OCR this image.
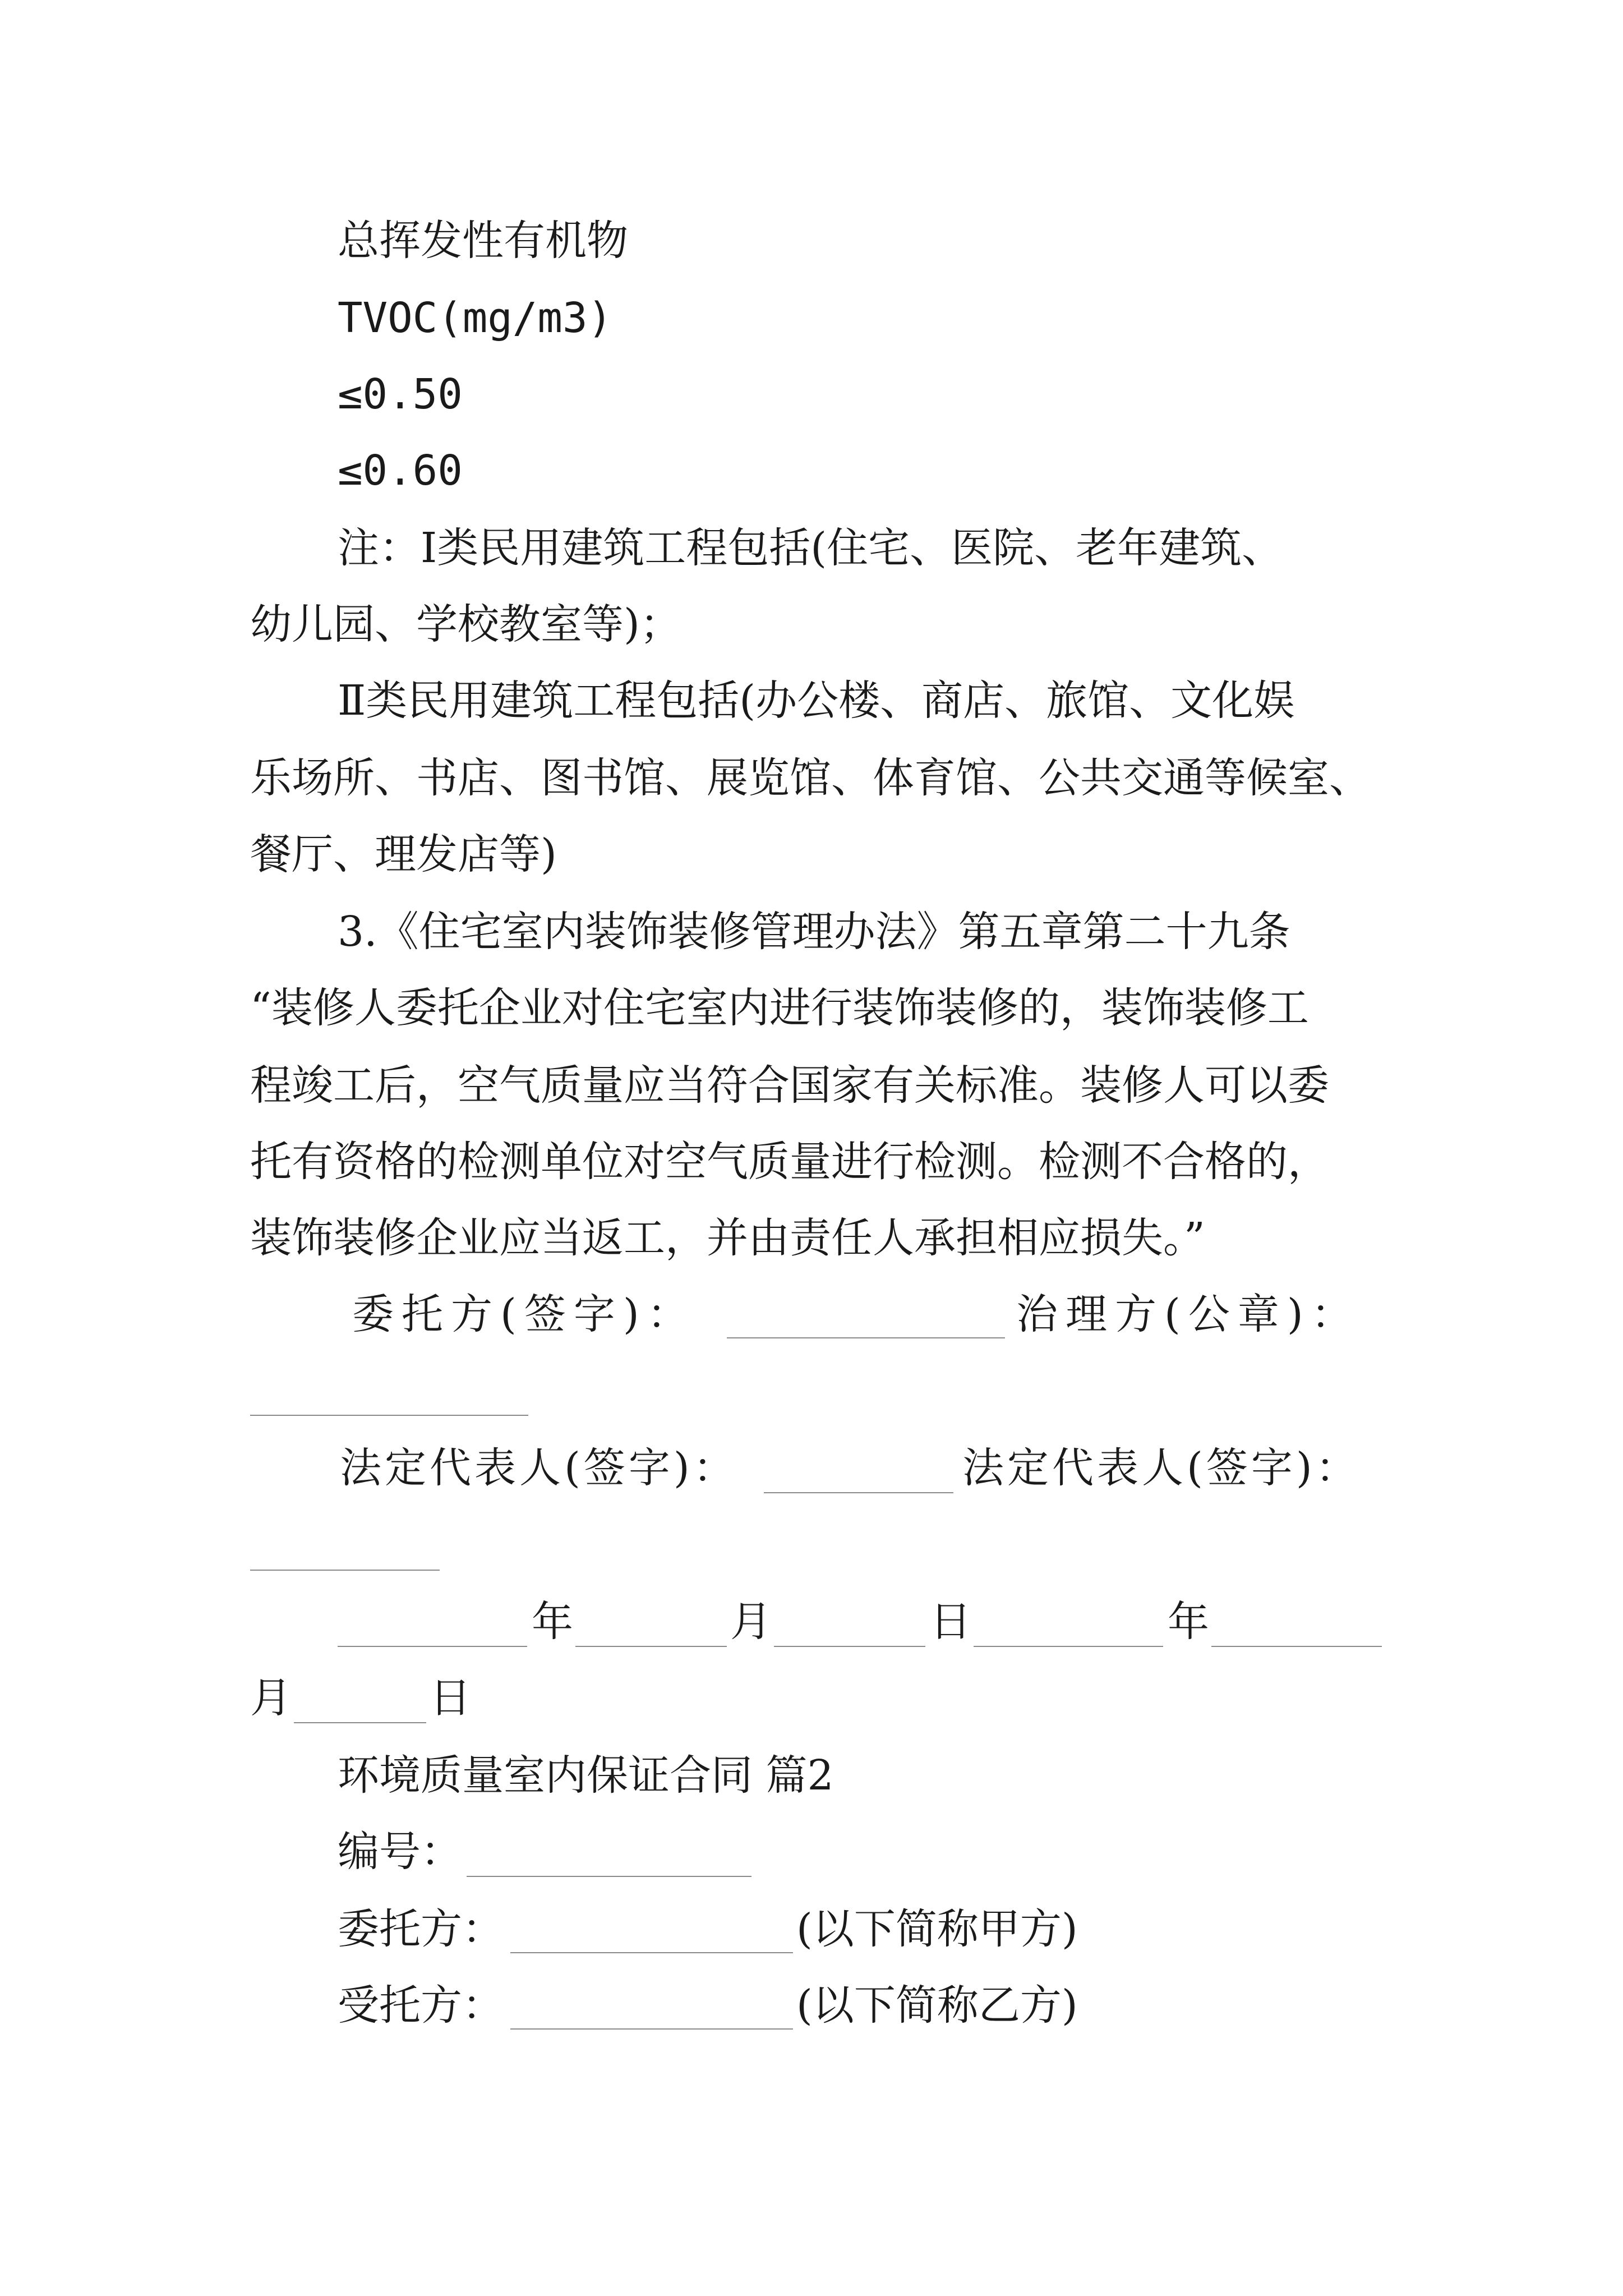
总挥发性有机物
TVOC(mg/m3)
≤0.50
≤0.60
注：Ⅰ类民用建筑工程包括(住宅、医院、老年建筑、
幼儿园、学校教室等)；
Ⅱ类民用建筑工程包括(办公楼、商店、旅馆、文化娱
乐场所、书店、图书馆、展览馆、体育馆、公共交通等候室、
餐厅、理发店等)
3.《住宅室内装饰装修管理办法》第五章第二十九条
“装修人委托企业对住宅室内进行装饰装修的，装饰装修工
程竣工后，空气质量应当符合国家有关标准。装修人可以委
托有资格的检测单位对空气质量进行检测。检测不合格的，
装饰装修企业应当返工，并由责任人承担相应损失。”
委托方(签字)：	治理方(公章)：
法定代表人(签字)：	法定代表人(签字)：
年	月	日	年
月	日
环境质量室内保证合同 篇2
编号：
委托方：	(以下简称甲方)
受托方：	(以下简称乙方)
